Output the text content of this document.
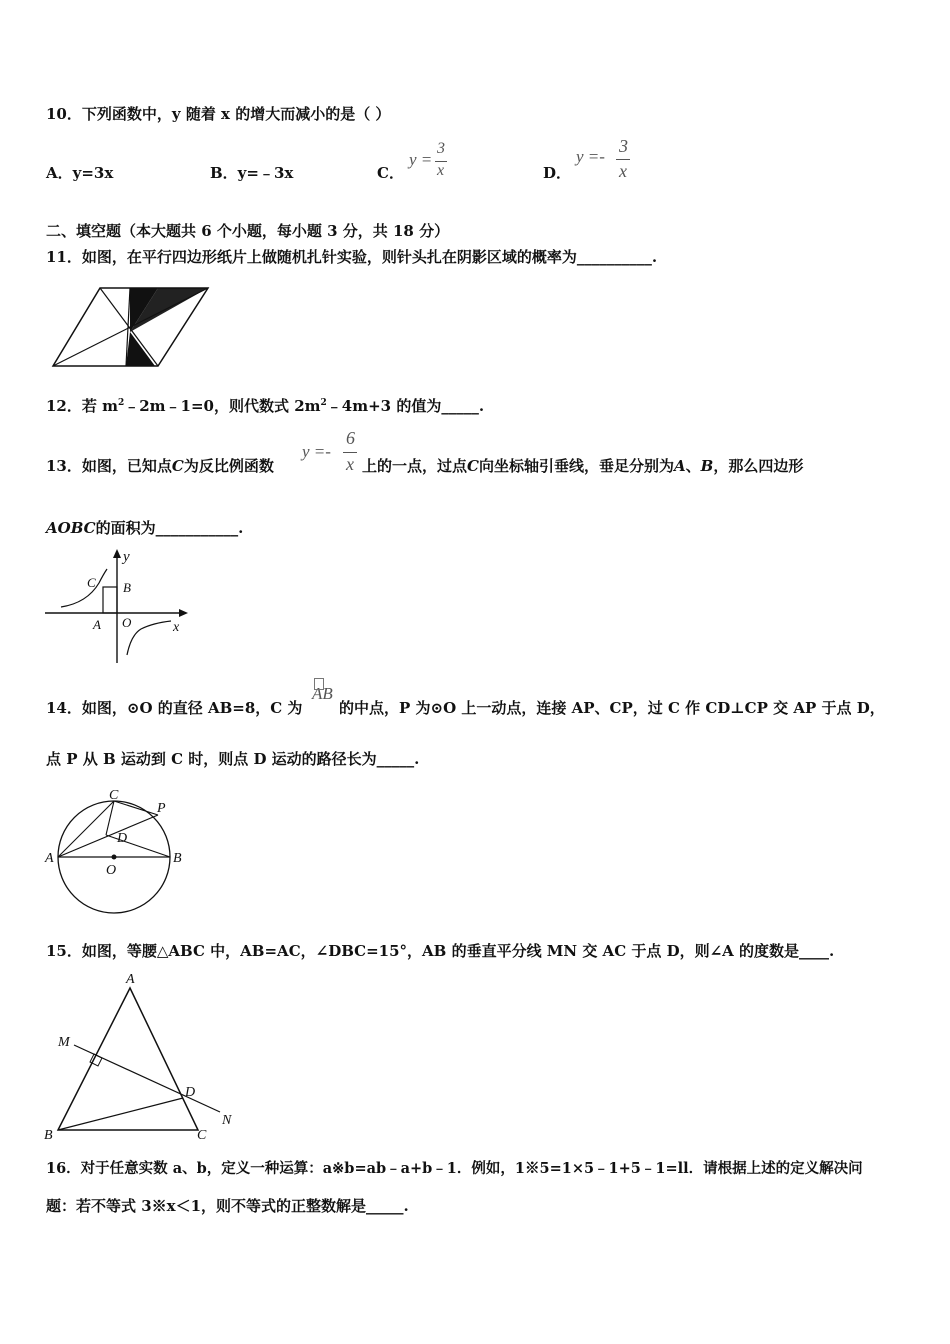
10．下列函数中，y 随着 x 的增大而减小的是（ ）
A．y=3x	B．y=﹣3x	C．
y =
3
x	D．
y =-
3
x
二、填空题（本大题共 6 个小题，每小题 3 分，共 18 分）
11．如图，在平行四边形纸片上做随机扎针实验，则针头扎在阴影区域的概率为__________.
12．若 $m^2﹣2m﹣1=0$，则代数式 $2m^2﹣4m+3$ 的值为_____.
13．如图，已知点C为反比例函数
y =-
6
x 上的一点，过点C向坐标轴引垂线，垂足分别为A、B，那么四边形
AOBC的面积为___________.
y
C B
A O	x
14．如图，⊙O 的直径 AB=8，C 为
AB
的中点，P 为⊙O 上一动点，连接 AP、CP，过 C 作 CD⊥CP 交 AP 于点 D，
点 P 从 B 运动到 C 时，则点 D 运动的路径长为_____.
C
P
D
A	B
O
15．如图，等腰△ABC 中，AB=AC，∠DBC=15°，AB 的垂直平分线 MN 交 AC 于点 D，则∠A 的度数是____.
A
M
D
N
B	C
16．对于任意实数 a、b，定义一种运算：a※b=ab﹣a+b﹣1．例如，1※5=1×5﹣1+5﹣1=ll．请根据上述的定义解决问
题：若不等式 3※x＜1，则不等式的正整数解是_____.
